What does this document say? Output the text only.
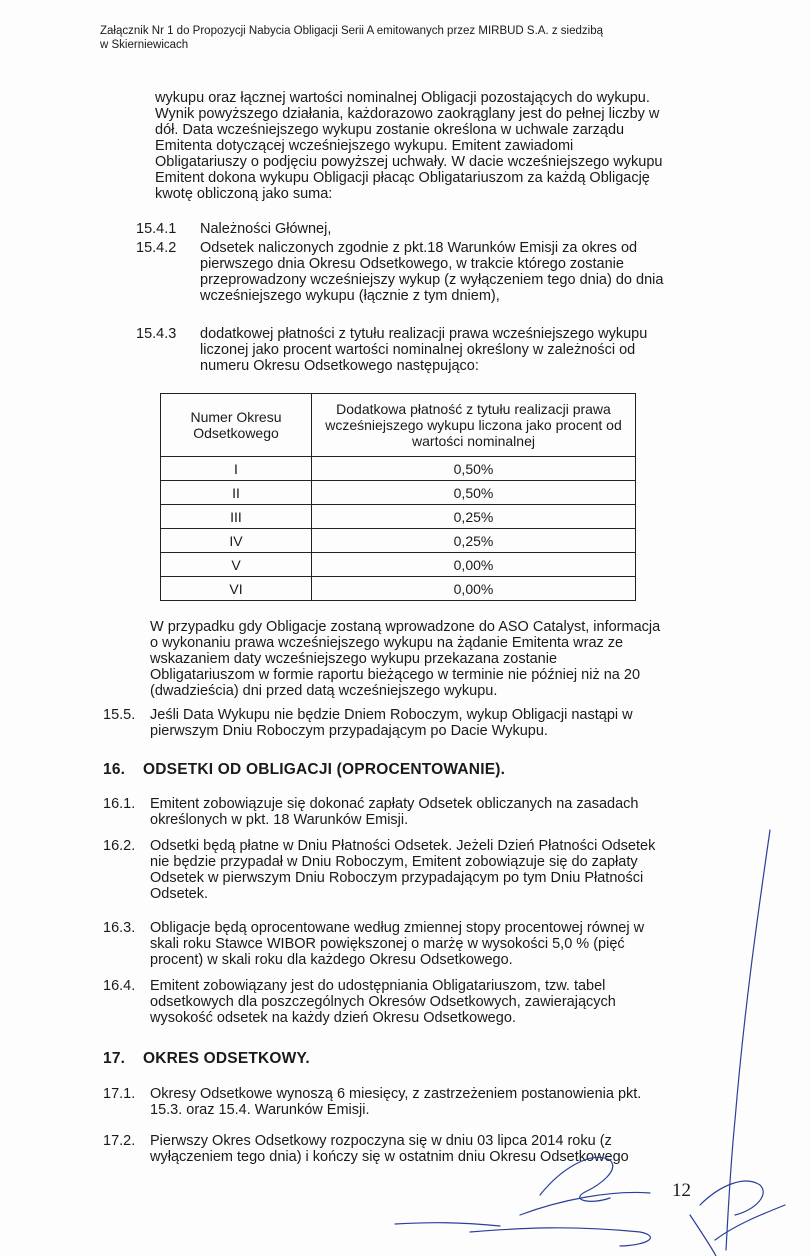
Załącznik Nr 1 do Propozycji Nabycia Obligacji Serii A emitowanych przez MIRBUD S.A. z siedzibą
w Skierniewicach
wykupu oraz łącznej wartości nominalnej Obligacji pozostających do wykupu.
Wynik powyższego działania, każdorazowo zaokrąglany jest do pełnej liczby w
dół. Data wcześniejszego wykupu zostanie określona w uchwale zarządu
Emitenta dotyczącej wcześniejszego wykupu. Emitent zawiadomi
Obligatariuszy o podjęciu powyższej uchwały. W dacie wcześniejszego wykupu
Emitent dokona wykupu Obligacji płacąc Obligatariuszom za każdą Obligację
kwotę obliczoną jako suma:
15.4.1 Należności Głównej,
15.4.2 Odsetek naliczonych zgodnie z pkt.18 Warunków Emisji za okres od
pierwszego dnia Okresu Odsetkowego, w trakcie którego zostanie
przeprowadzony wcześniejszy wykup (z wyłączeniem tego dnia) do dnia
wcześniejszego wykupu (łącznie z tym dniem),
15.4.3 dodatkowej płatności z tytułu realizacji prawa wcześniejszego wykupu
liczonej jako procent wartości nominalnej określony w zależności od
numeru Okresu Odsetkowego następująco:
Numer Okresu Odsetkowego	Dodatkowa płatność z tytułu realizacji prawa wcześniejszego wykupu liczona jako procent od wartości nominalnej
I	0,50%
II	0,50%
III	0,25%
IV	0,25%
V	0,00%
VI	0,00%
W przypadku gdy Obligacje zostaną wprowadzone do ASO Catalyst, informacja
o wykonaniu prawa wcześniejszego wykupu na żądanie Emitenta wraz ze
wskazaniem daty wcześniejszego wykupu przekazana zostanie
Obligatariuszom w formie raportu bieżącego w terminie nie później niż na 20
(dwadzieścia) dni przed datą wcześniejszego wykupu.
15.5. Jeśli Data Wykupu nie będzie Dniem Roboczym, wykup Obligacji nastąpi w
pierwszym Dniu Roboczym przypadającym po Dacie Wykupu.
16. ODSETKI OD OBLIGACJI (OPROCENTOWANIE).
16.1. Emitent zobowiązuje się dokonać zapłaty Odsetek obliczanych na zasadach
określonych w pkt. 18 Warunków Emisji.
16.2. Odsetki będą płatne w Dniu Płatności Odsetek. Jeżeli Dzień Płatności Odsetek
nie będzie przypadał w Dniu Roboczym, Emitent zobowiązuje się do zapłaty
Odsetek w pierwszym Dniu Roboczym przypadającym po tym Dniu Płatności
Odsetek.
16.3. Obligacje będą oprocentowane według zmiennej stopy procentowej równej w
skali roku Stawce WIBOR powiększonej o marżę w wysokości 5,0 % (pięć
procent) w skali roku dla każdego Okresu Odsetkowego.
16.4. Emitent zobowiązany jest do udostępniania Obligatariuszom, tzw. tabel
odsetkowych dla poszczególnych Okresów Odsetkowych, zawierających
wysokość odsetek na każdy dzień Okresu Odsetkowego.
17. OKRES ODSETKOWY.
17.1. Okresy Odsetkowe wynoszą 6 miesięcy, z zastrzeżeniem postanowienia pkt.
15.3. oraz 15.4. Warunków Emisji.
17.2. Pierwszy Okres Odsetkowy rozpoczyna się w dniu 03 lipca 2014 roku (z
wyłączeniem tego dnia) i kończy się w ostatnim dniu Okresu Odsetkowego
12
